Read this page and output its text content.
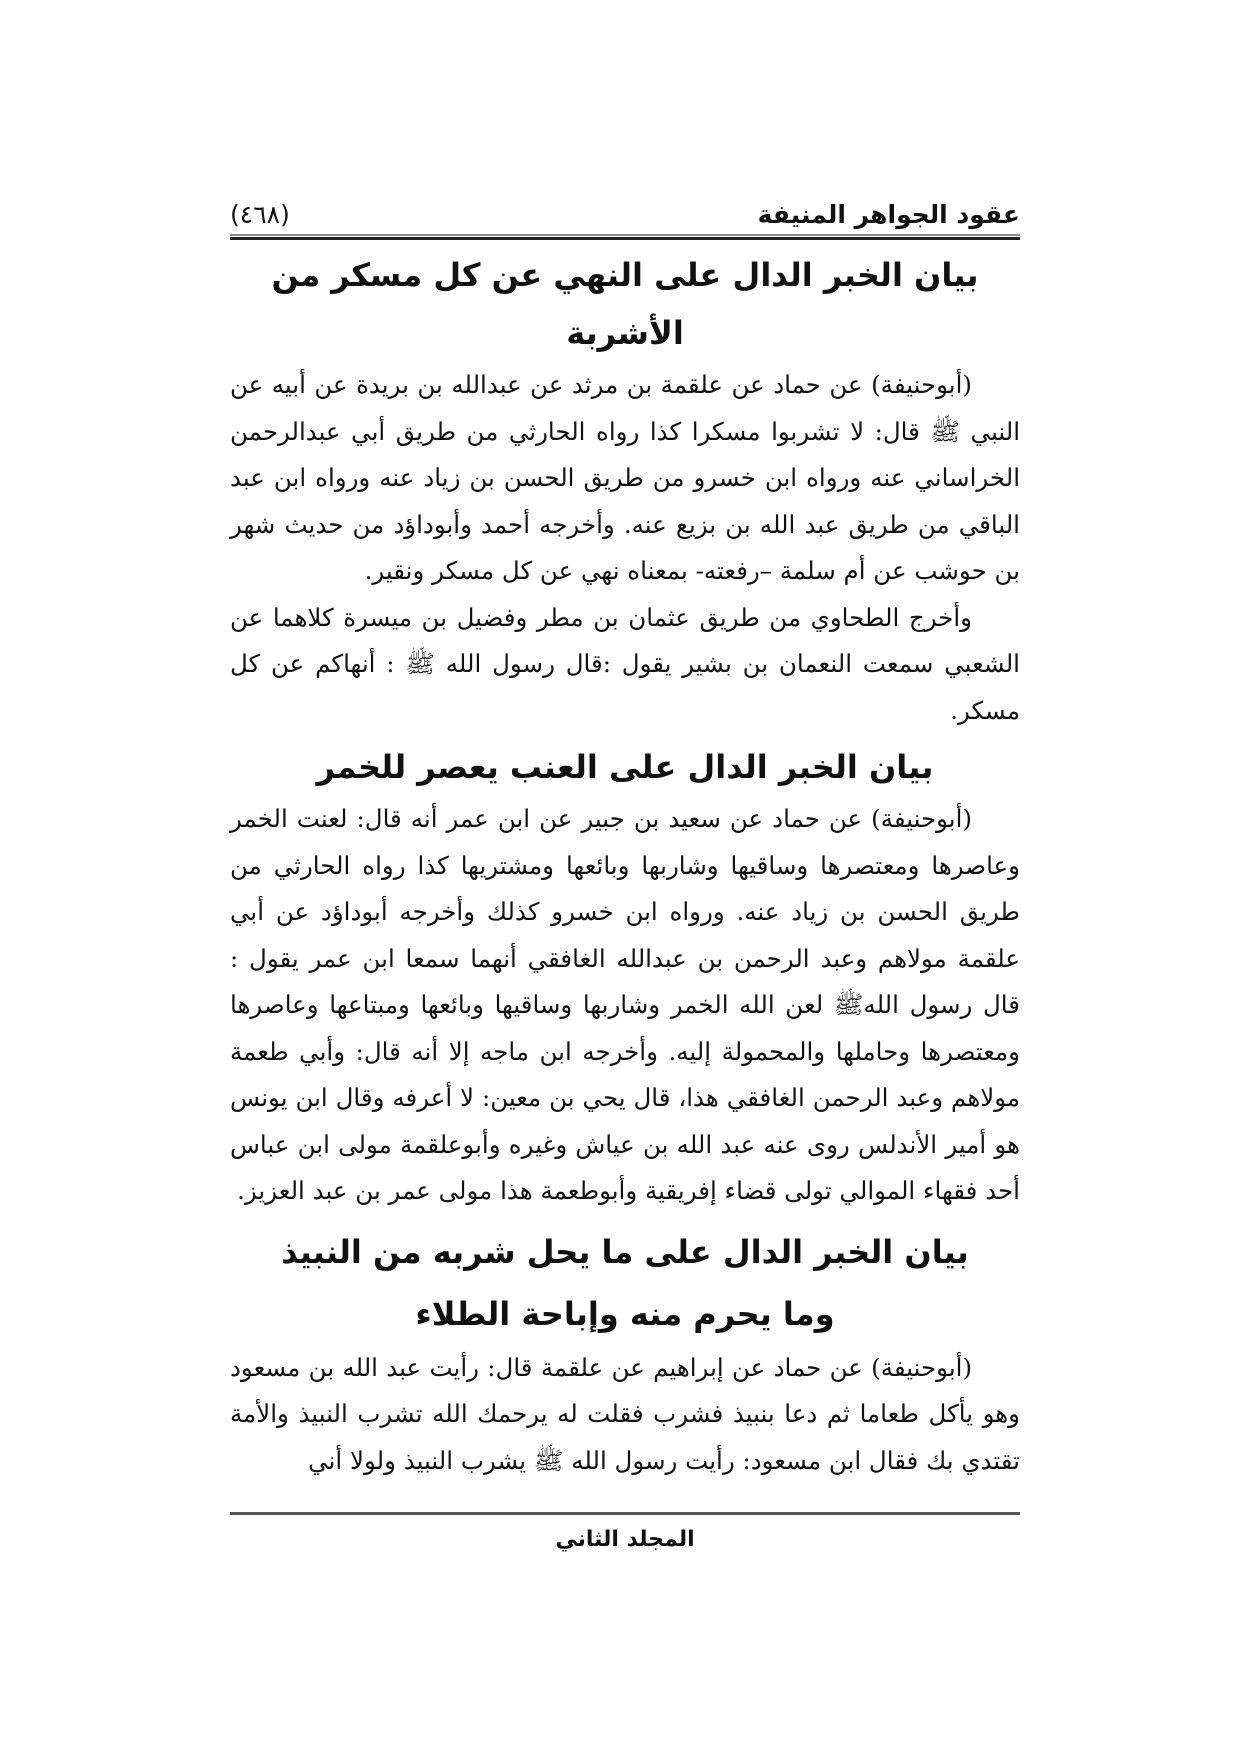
عقود الجواهر المنيفة
(٤٦٨)
بيان الخبر الدال على النهي عن كل مسكر من الأشربة

(أبوحنيفة) عن حماد عن علقمة بن مرثد عن عبدالله بن بريدة عن أبيه عن النبي ﷺ قال: لا تشربوا مسكرا كذا رواه الحارثي من طريق أبي عبدالرحمن الخراساني عنه ورواه ابن خسرو من طريق الحسن بن زياد عنه ورواه ابن عبد الباقي من طريق عبد الله بن بزيع عنه. وأخرجه أحمد وأبوداؤد من حديث شهر بن حوشب عن أم سلمة –رفعته- بمعناه نهي عن كل مسكر ونقير.

وأخرج الطحاوي من طريق عثمان بن مطر وفضيل بن ميسرة كلاهما عن الشعبي سمعت النعمان بن بشير يقول :قال رسول الله ﷺ : أنهاكم عن كل مسكر.

بيان الخبر الدال على العنب يعصر للخمر

(أبوحنيفة) عن حماد عن سعيد بن جبير عن ابن عمر أنه قال: لعنت الخمر وعاصرها ومعتصرها وساقيها وشاربها وبائعها ومشتريها كذا رواه الحارثي من طريق الحسن بن زياد عنه. ورواه ابن خسرو كذلك وأخرجه أبوداؤد عن أبي علقمة مولاهم وعبد الرحمن بن عبدالله الغافقي أنهما سمعا ابن عمر يقول : قال رسول اللهﷺ لعن الله الخمر وشاربها وساقيها وبائعها ومبتاعها وعاصرها ومعتصرها وحاملها والمحمولة إليه. وأخرجه ابن ماجه إلا أنه قال: وأبي طعمة مولاهم وعبد الرحمن الغافقي هذا، قال يحي بن معين: لا أعرفه وقال ابن يونس هو أمير الأندلس روى عنه عبد الله بن عياش وغيره وأبوعلقمة مولى ابن عباس أحد فقهاء الموالي تولى قضاء إفريقية وأبوطعمة هذا مولى عمر بن عبد العزيز.

بيان الخبر الدال على ما يحل شربه من النبيذ وما يحرم منه وإباحة الطلاء

(أبوحنيفة) عن حماد عن إبراهيم عن علقمة قال: رأيت عبد الله بن مسعود وهو يأكل طعاما ثم دعا بنبيذ فشرب فقلت له يرحمك الله تشرب النبيذ والأمة تقتدي بك فقال ابن مسعود: رأيت رسول الله ﷺ يشرب النبيذ ولولا أني

المجلد الثاني
